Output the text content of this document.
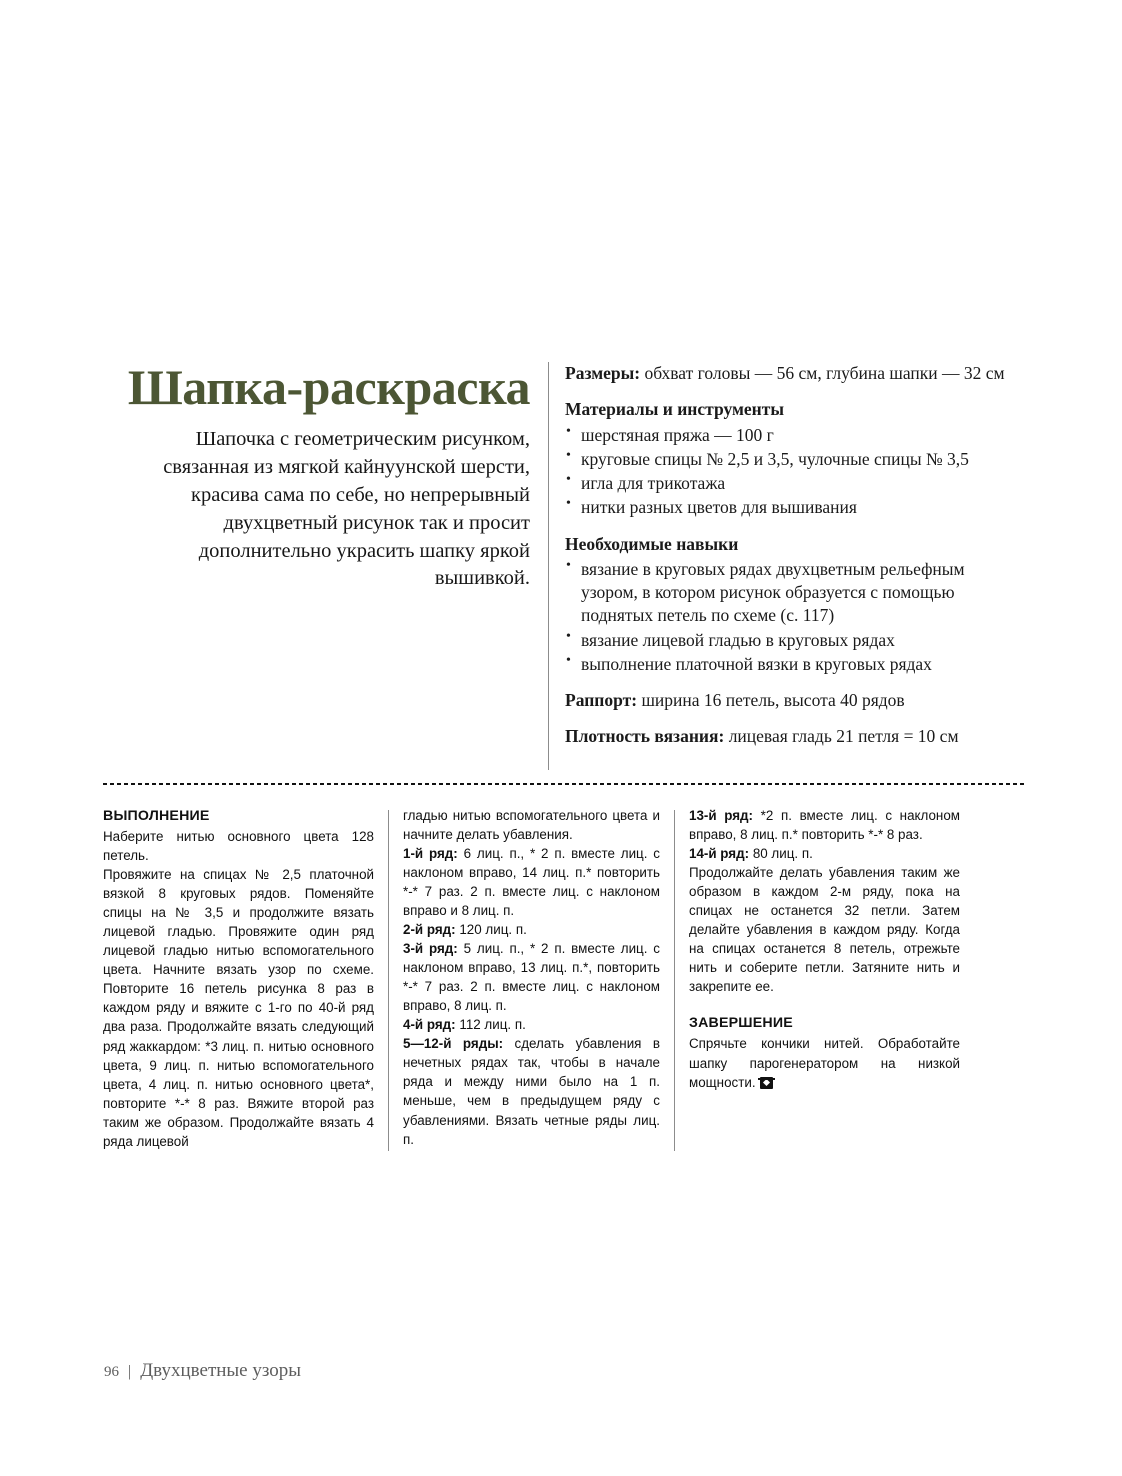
Шапка-раскраска

Шапочка с геометрическим рисунком, связанная из мягкой кайнуунской шерсти, красива сама по себе, но непрерывный двухцветный рисунок так и просит дополнительно украсить шапку яркой вышивкой.

Размеры: обхват головы — 56 см, глубина шапки — 32 см

Материалы и инструменты
• шерстяная пряжа — 100 г
• круговые спицы № 2,5 и 3,5, чулочные спицы № 3,5
• игла для трикотажа
• нитки разных цветов для вышивания
Необходимые навыки
• вязание в круговых рядах двухцветным рельефным узором, в котором рисунок образуется с помощью поднятых петель по схеме (с. 117)
• вязание лицевой гладью в круговых рядах
• выполнение платочной вязки в круговых рядах

Раппорт: ширина 16 петель, высота 40 рядов

Плотность вязания: лицевая гладь 21 петля = 10 см

ВЫПОЛНЕНИЕ

Наберите нитью основного цвета 128 петель.

Провяжите на спицах № 2,5 платочной вязкой 8 круговых рядов. Поменяйте спицы на № 3,5 и продолжите вязать лицевой гладью. Провяжите один ряд лицевой гладью нитью вспомогательного цвета. Начните вязать узор по схеме. Повторите 16 петель рисунка 8 раз в каждом ряду и вяжите с 1-го по 40-й ряд два раза. Продолжайте вязать следующий ряд жаккардом: *3 лиц. п. нитью основного цвета, 9 лиц. п. нитью вспомогательного цвета, 4 лиц. п. нитью основного цвета*, повторите *-* 8 раз. Вяжите второй раз таким же образом. Продолжайте вязать 4 ряда лицевой

гладью нитью вспомогательного цвета и начните делать убавления.

1-й ряд: 6 лиц. п., * 2 п. вместе лиц. с наклоном вправо, 14 лиц. п.* повторить *-* 7 раз. 2 п. вместе лиц. с наклоном вправо и 8 лиц. п.

2-й ряд: 120 лиц. п.

3-й ряд: 5 лиц. п., * 2 п. вместе лиц. с наклоном вправо, 13 лиц. п.*, повторить *-* 7 раз. 2 п. вместе лиц. с наклоном вправо, 8 лиц. п.

4-й ряд: 112 лиц. п.

5—12-й ряды: сделать убавления в нечетных рядах так, чтобы в начале ряда и между ними было на 1 п. меньше, чем в предыдущем ряду с убавлениями. Вязать четные ряды лиц. п.

13-й ряд: *2 п. вместе лиц. с наклоном вправо, 8 лиц. п.* повторить *-* 8 раз.

14-й ряд: 80 лиц. п.

Продолжайте делать убавления таким же образом в каждом 2-м ряду, пока на спицах не останется 32 петли. Затем делайте убавления в каждом ряду. Когда на спицах останется 8 петель, отрежьте нить и соберите петли. Затяните нить и закрепите ее.

ЗАВЕРШЕНИЕ

Спрячьте кончики нитей. Обработайте шапку парогенератором на низкой мощности.

96 | Двухцветные узоры
